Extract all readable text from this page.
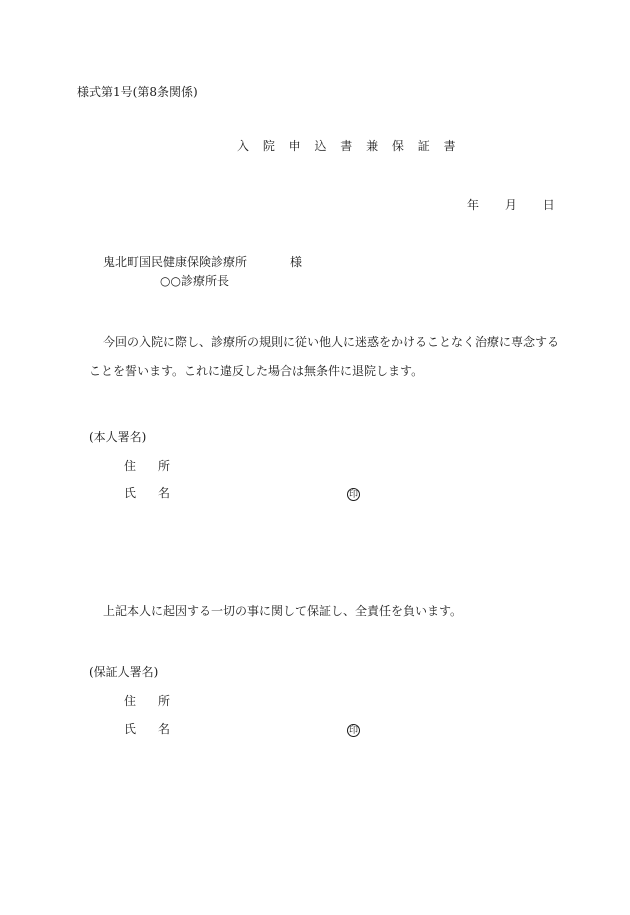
様式第1号(第8条関係)
入 院 申 込 書 兼 保 証 書
年 月 日
鬼北町国民健康保険診療所	様
○○診療所長
今回の入院に際し、診療所の規則に従い他人に迷惑をかけることなく治療に専念する
ことを誓います。これに違反した場合は無条件に退院します。
(本人署名)
住 所
氏 名	印
上記本人に起因する一切の事に関して保証し、全責任を負います。
(保証人署名)
住 所
氏 名	印
